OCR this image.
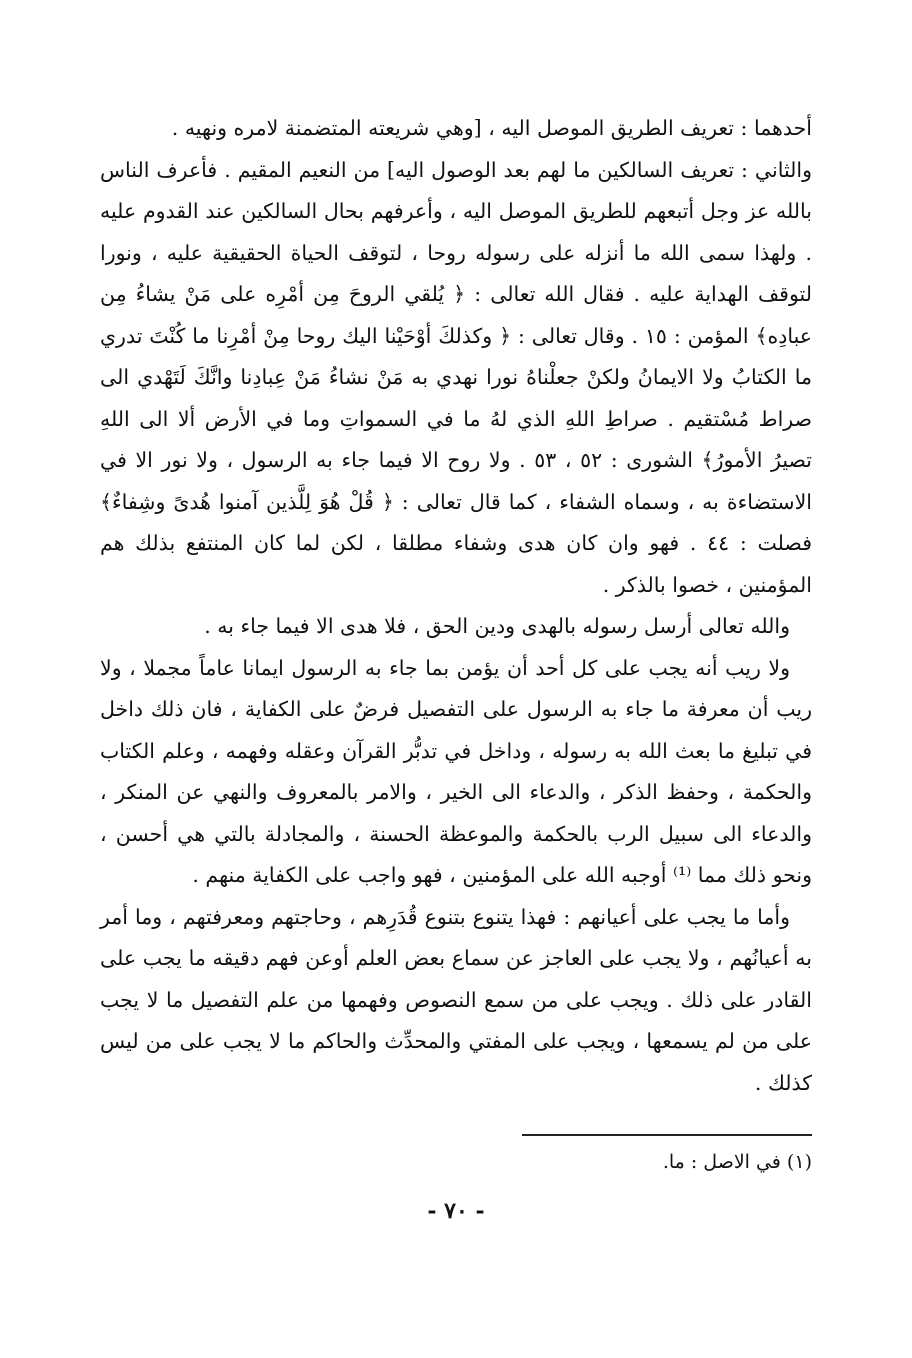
أحدهما : تعريف الطريق الموصل اليه ، [وهي شريعته المتضمنة لامره ونهيه .

والثاني : تعريف السالكين ما لهم بعد الوصول اليه] من النعيم المقيم . فأعرف الناس بالله عز وجل أتبعهم للطريق الموصل اليه ، وأعرفهم بحال السالكين عند القدوم عليه . ولهذا سمى الله ما أنزله على رسوله روحا ، لتوقف الحياة الحقيقية عليه ، ونورا لتوقف الهداية عليه . فقال الله تعالى : ﴿ يُلقي الروحَ مِن أمْرِه على مَنْ يشاءُ مِن عبادِه﴾ المؤمن : ١٥ . وقال تعالى : ﴿ وكذلكَ أوْحَيْنا اليك روحا مِنْ أمْرِنا ما كُنْتَ تدري ما الكتابُ ولا الايمانُ ولكنْ جعلْناهُ نورا نهدي به مَنْ نشاءُ مَنْ عِبادِنا وانَّكَ لَتَهْدي الى صراط مُسْتقيم . صراطِ اللهِ الذي لهُ ما في السمواتِ وما في الأرض ألا الى اللهِ تصيرُ الأمورُ﴾ الشورى : ٥٢ ، ٥٣ . ولا روح الا فيما جاء به الرسول ، ولا نور الا في الاستضاءة به ، وسماه الشفاء ، كما قال تعالى : ﴿ قُلْ هُوَ لِلَّذين آمنوا هُدىً وشِفاءٌ﴾ فصلت : ٤٤ . فهو وان كان هدى وشفاء مطلقا ، لكن لما كان المنتفع بذلك هم المؤمنين ، خصوا بالذكر .

والله تعالى أرسل رسوله بالهدى ودين الحق ، فلا هدى الا فيما جاء به .

ولا ريب أنه يجب على كل أحد أن يؤمن بما جاء به الرسول ايمانا عاماً مجملا ، ولا ريب أن معرفة ما جاء به الرسول على التفصيل فرضٌ على الكفاية ، فان ذلك داخل في تبليغ ما بعث الله به رسوله ، وداخل في تدبُّر القرآن وعقله وفهمه ، وعلم الكتاب والحكمة ، وحفظ الذكر ، والدعاء الى الخير ، والامر بالمعروف والنهي عن المنكر ، والدعاء الى سبيل الرب بالحكمة والموعظة الحسنة ، والمجادلة بالتي هي أحسن ، ونحو ذلك مما ⁽¹⁾ أوجبه الله على المؤمنين ، فهو واجب على الكفاية منهم .

وأما ما يجب على أعيانهم : فهذا يتنوع بتنوع قُدَرِهم ، وحاجتهم ومعرفتهم ، وما أمر به أعيانُهم ، ولا يجب على العاجز عن سماع بعض العلم أوعن فهم دقيقه ما يجب على القادر على ذلك . ويجب على من سمع النصوص وفهمها من علم التفصيل ما لا يجب على من لم يسمعها ، ويجب على المفتي والمحدِّث والحاكم ما لا يجب على من ليس كذلك .

(١) في الاصل : ما.

- ٧٠ -
